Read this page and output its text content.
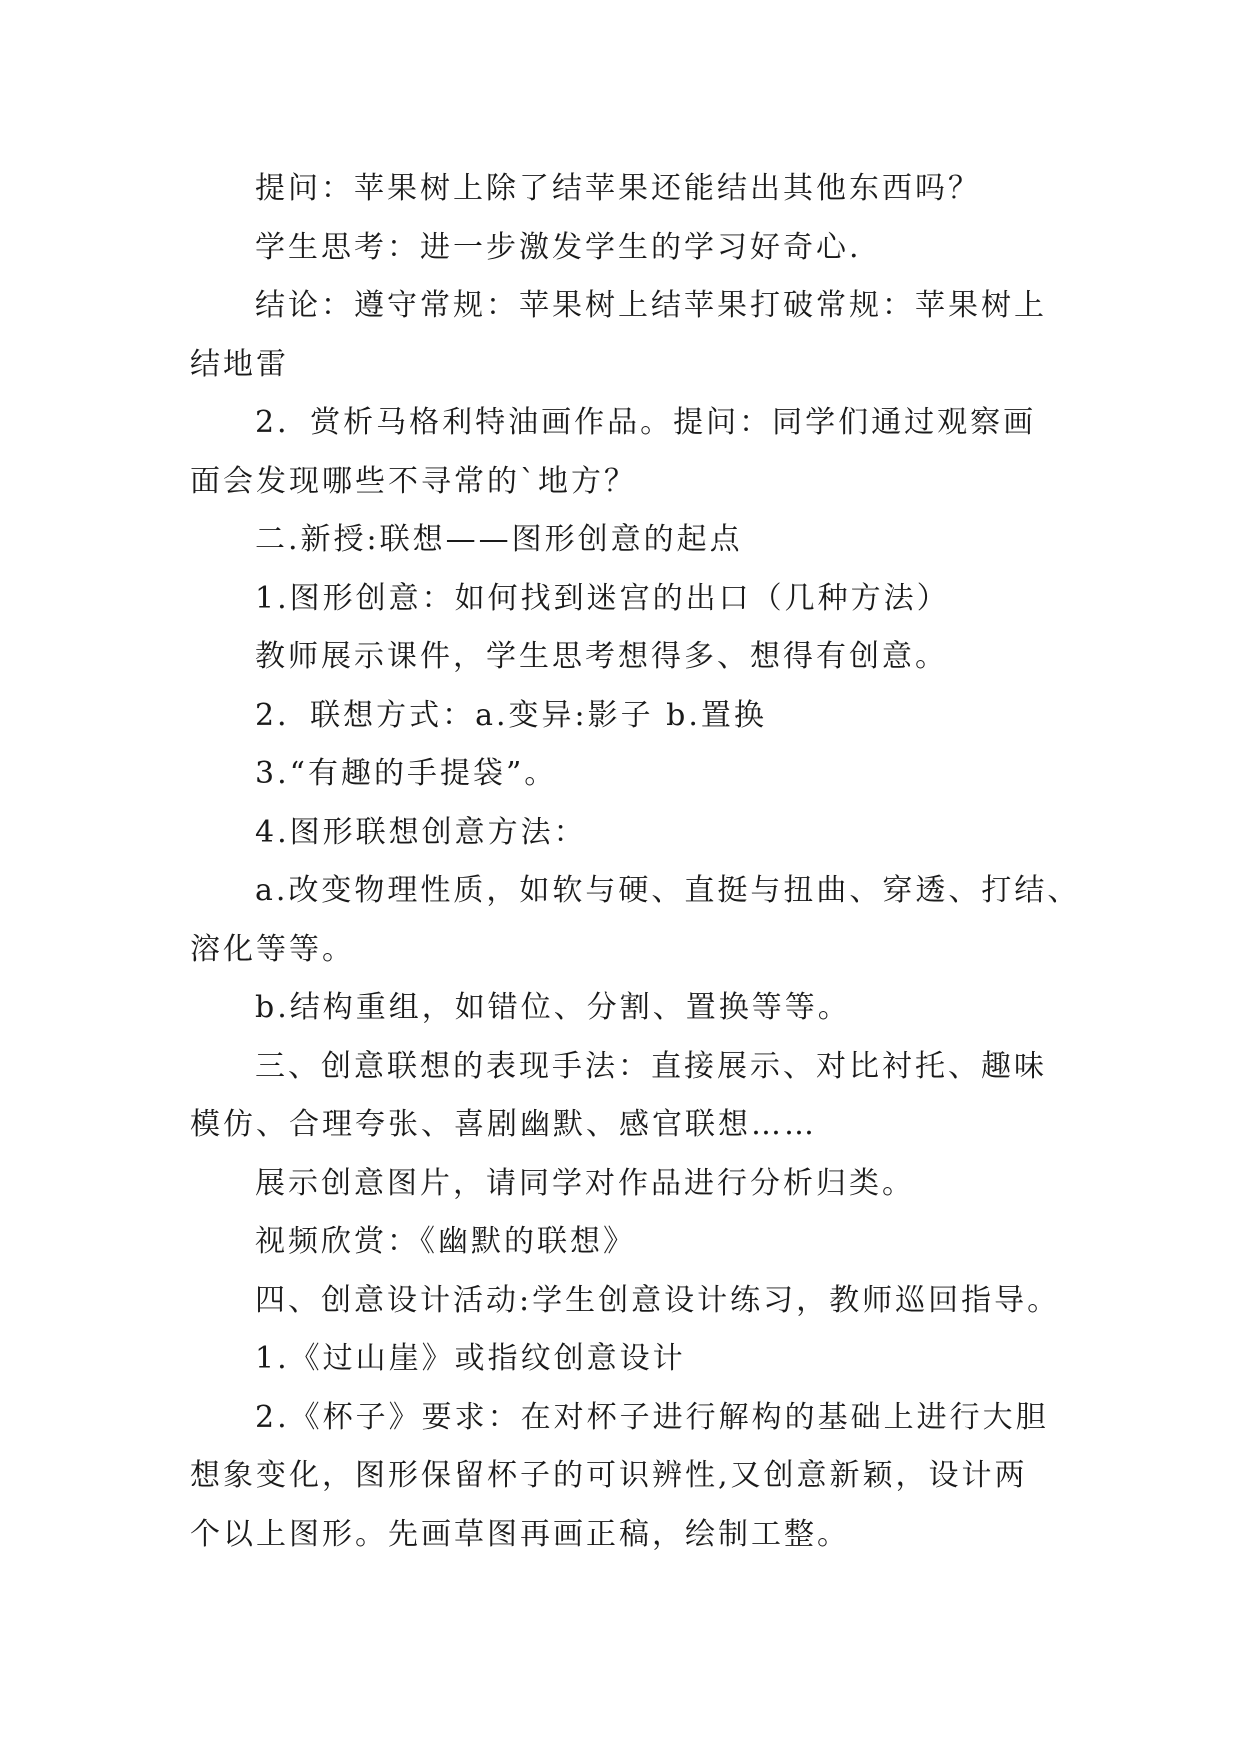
提问：苹果树上除了结苹果还能结出其他东西吗？
学生思考：进一步激发学生的学习好奇心.
结论：遵守常规：苹果树上结苹果打破常规：苹果树上
结地雷
2．赏析马格利特油画作品。提问：同学们通过观察画
面会发现哪些不寻常的`地方？
二.新授:联想——图形创意的起点
1.图形创意：如何找到迷宫的出口（几种方法）
教师展示课件，学生思考想得多、想得有创意。
2．联想方式：a.变异:影子 b.置换
3.“有趣的手提袋”。
4.图形联想创意方法：
a.改变物理性质，如软与硬、直挺与扭曲、穿透、打结、
溶化等等。
b.结构重组，如错位、分割、置换等等。
三、创意联想的表现手法：直接展示、对比衬托、趣味
模仿、合理夸张、喜剧幽默、感官联想……
展示创意图片，请同学对作品进行分析归类。
视频欣赏：《幽默的联想》
四、创意设计活动:学生创意设计练习，教师巡回指导。
1.《过山崖》或指纹创意设计
2.《杯子》要求：在对杯子进行解构的基础上进行大胆
想象变化，图形保留杯子的可识辨性,又创意新颖，设计两
个以上图形。先画草图再画正稿，绘制工整。
